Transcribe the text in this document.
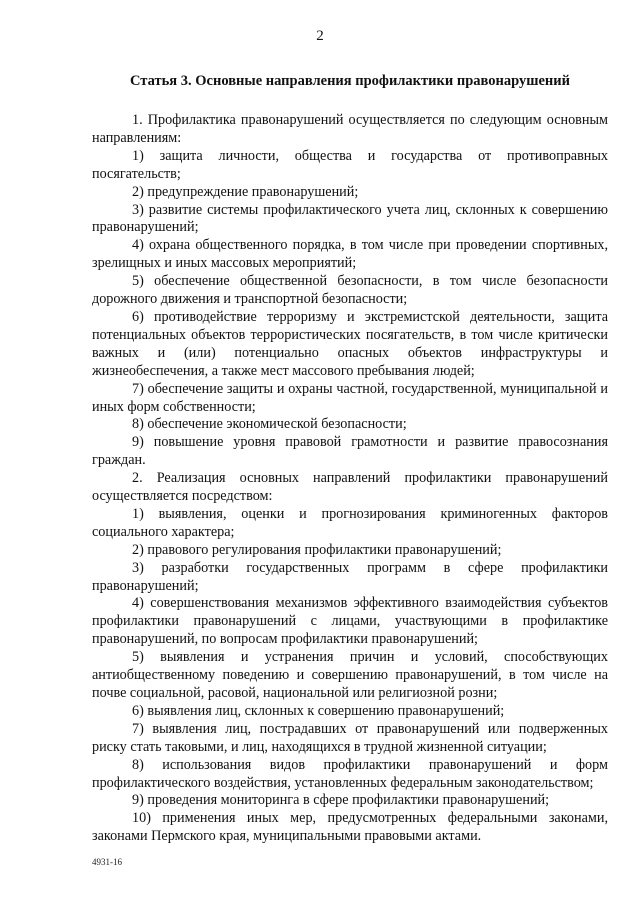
2
Статья 3. Основные направления профилактики правонарушений

1. Профилактика правонарушений осуществляется по следующим основным направлениям:

1) защита личности, общества и государства от противоправных посягательств;

2) предупреждение правонарушений;

3) развитие системы профилактического учета лиц, склонных к совершению правонарушений;

4) охрана общественного порядка, в том числе при проведении спортивных, зрелищных и иных массовых мероприятий;

5) обеспечение общественной безопасности, в том числе безопасности дорожного движения и транспортной безопасности;

6) противодействие терроризму и экстремистской деятельности, защита потенциальных объектов террористических посягательств, в том числе критически важных и (или) потенциально опасных объектов инфраструктуры и жизнеобеспечения, а также мест массового пребывания людей;

7) обеспечение защиты и охраны частной, государственной, муниципальной и иных форм собственности;

8) обеспечение экономической безопасности;

9) повышение уровня правовой грамотности и развитие правосознания граждан.

2. Реализация основных направлений профилактики правонарушений осуществляется посредством:

1) выявления, оценки и прогнозирования криминогенных факторов социального характера;

2) правового регулирования профилактики правонарушений;

3) разработки государственных программ в сфере профилактики правонарушений;

4) совершенствования механизмов эффективного взаимодействия субъектов профилактики правонарушений с лицами, участвующими в профилактике правонарушений, по вопросам профилактики правонарушений;

5) выявления и устранения причин и условий, способствующих антиобщественному поведению и совершению правонарушений, в том числе на почве социальной, расовой, национальной или религиозной розни;

6) выявления лиц, склонных к совершению правонарушений;

7) выявления лиц, пострадавших от правонарушений или подверженных риску стать таковыми, и лиц, находящихся в трудной жизненной ситуации;

8) использования видов профилактики правонарушений и форм профилактического воздействия, установленных федеральным законодательством;

9) проведения мониторинга в сфере профилактики правонарушений;

10) применения иных мер, предусмотренных федеральными законами, законами Пермского края, муниципальными правовыми актами.

4931-16
